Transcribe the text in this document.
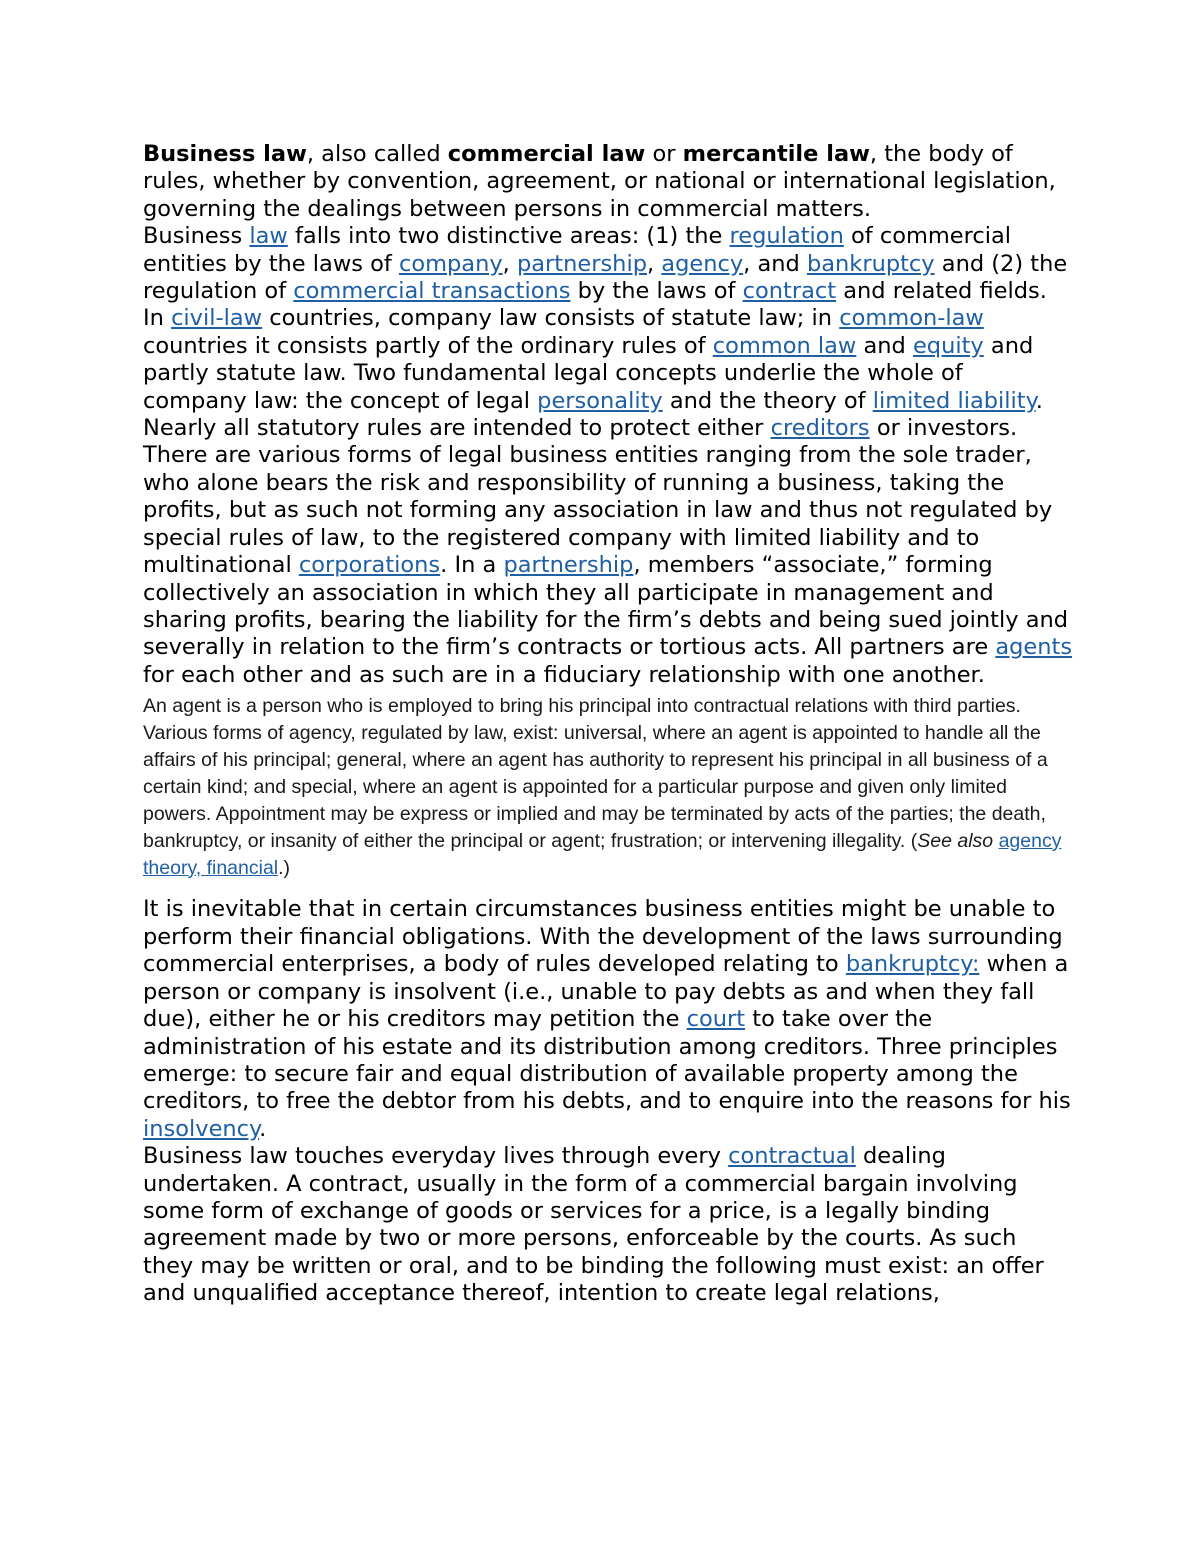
Business law, also called commercial law or mercantile law, the body of rules, whether by convention, agreement, or national or international legislation, governing the dealings between persons in commercial matters.

Business law falls into two distinctive areas: (1) the regulation of commercial entities by the laws of company, partnership, agency, and bankruptcy and (2) the regulation of commercial transactions by the laws of contract and related fields.

In civil-law countries, company law consists of statute law; in common-law countries it consists partly of the ordinary rules of common law and equity and partly statute law. Two fundamental legal concepts underlie the whole of company law: the concept of legal personality and the theory of limited liability. Nearly all statutory rules are intended to protect either creditors or investors.

There are various forms of legal business entities ranging from the sole trader, who alone bears the risk and responsibility of running a business, taking the profits, but as such not forming any association in law and thus not regulated by special rules of law, to the registered company with limited liability and to multinational corporations. In a partnership, members “associate,” forming collectively an association in which they all participate in management and sharing profits, bearing the liability for the firm’s debts and being sued jointly and severally in relation to the firm’s contracts or tortious acts. All partners are agents for each other and as such are in a fiduciary relationship with one another.

An agent is a person who is employed to bring his principal into contractual relations with third parties. Various forms of agency, regulated by law, exist: universal, where an agent is appointed to handle all the affairs of his principal; general, where an agent has authority to represent his principal in all business of a certain kind; and special, where an agent is appointed for a particular purpose and given only limited powers. Appointment may be express or implied and may be terminated by acts of the parties; the death, bankruptcy, or insanity of either the principal or agent; frustration; or intervening illegality. (See also agency theory, financial.)

It is inevitable that in certain circumstances business entities might be unable to perform their financial obligations. With the development of the laws surrounding commercial enterprises, a body of rules developed relating to bankruptcy: when a person or company is insolvent (i.e., unable to pay debts as and when they fall due), either he or his creditors may petition the court to take over the administration of his estate and its distribution among creditors. Three principles emerge: to secure fair and equal distribution of available property among the creditors, to free the debtor from his debts, and to enquire into the reasons for his insolvency.

Business law touches everyday lives through every contractual dealing undertaken. A contract, usually in the form of a commercial bargain involving some form of exchange of goods or services for a price, is a legally binding agreement made by two or more persons, enforceable by the courts. As such they may be written or oral, and to be binding the following must exist: an offer and unqualified acceptance thereof, intention to create legal relations,
